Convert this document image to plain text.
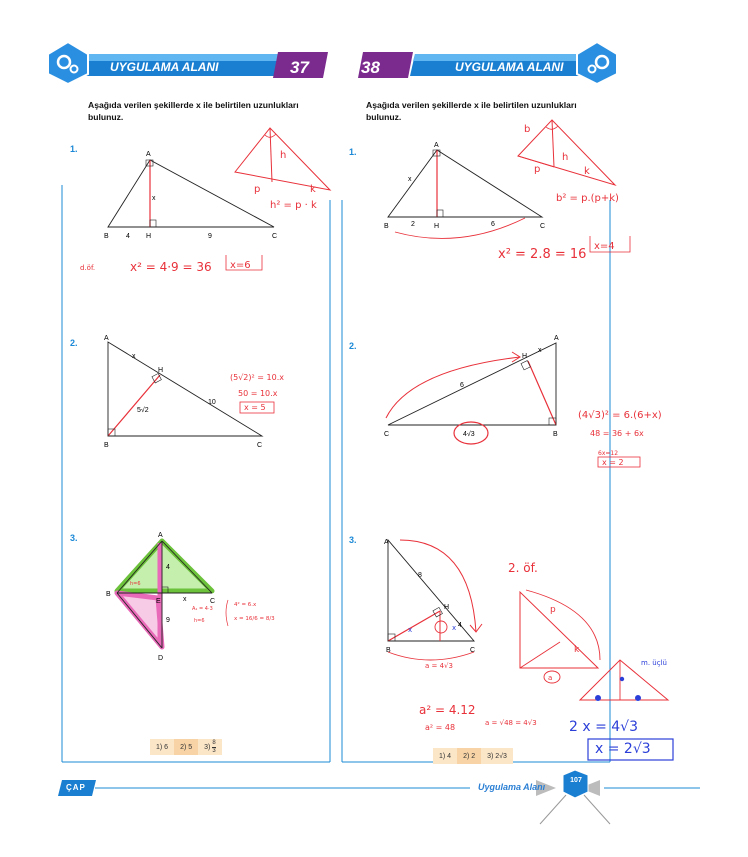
UYGULAMA ALANI	37	38	UYGULAMA ALANI
Aşağıda verilen şekillerde x ile belirtilen uzunlukları bulunuz.
Aşağıda verilen şekillerde x ile belirtilen uzunlukları bulunuz.
1.
2.
3.
1.
2.
3.
A
B	H	C
x
4	9
h
p	k
h² = p · k
d.öf.	x² = 4·9 = 36 x=6
A
H
B	C
x
5√2
10
(5√2)² = 10.x
50 = 10.x
x = 5
A
B
E	C
D
x
4
9
h=6
A₁ = 4·3
h=6
4² = 6.x
x = 16/6 = 8/3
A
B	H	C
x
2	6
b
h
p	k
b² = p.(p+k)
x² = 2.8 = 16
x=4
A
H
C	B
x
6
4√3
(4√3)² = 6.(6+x)
48 = 36 + 6x
6x=12
x = 2
A
H
B	C
8
4
x	x
a = 4√3
2. öf.
p
k
a
m. üçlü
a² = 4.12
a² = 48	a = √48 = 4√3 2 x = 4√3
x = 2√3
1) 6	2) 5	3)
8
3
1) 4	2) 2	3) 2√3
ÇAP	Uygulama Alanı
107
